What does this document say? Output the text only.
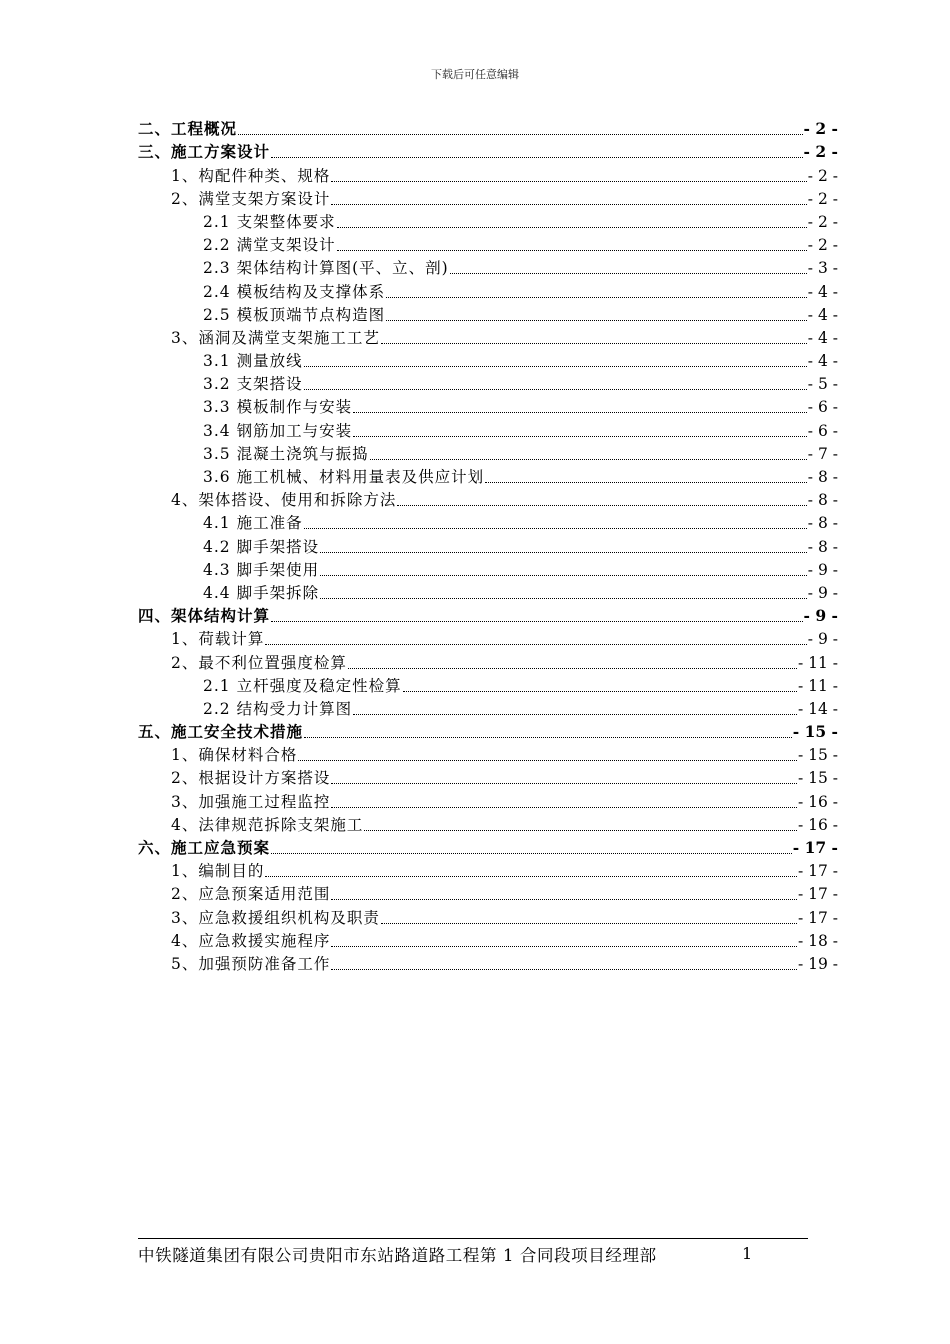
下载后可任意编辑
二、工程概况	- 2 -
三、施工方案设计	- 2 -
1、构配件种类、规格	- 2 -
2、满堂支架方案设计	- 2 -
2.1 支架整体要求	- 2 -
2.2 满堂支架设计	- 2 -
2.3 架体结构计算图(平、立、剖)	- 3 -
2.4 模板结构及支撑体系	- 4 -
2.5 模板顶端节点构造图	- 4 -
3、涵洞及满堂支架施工工艺	- 4 -
3.1 测量放线	- 4 -
3.2 支架搭设	- 5 -
3.3 模板制作与安装	- 6 -
3.4 钢筋加工与安装	- 6 -
3.5 混凝土浇筑与振捣	- 7 -
3.6 施工机械、材料用量表及供应计划	- 8 -
4、架体搭设、使用和拆除方法	- 8 -
4.1 施工准备	- 8 -
4.2 脚手架搭设	- 8 -
4.3 脚手架使用	- 9 -
4.4 脚手架拆除	- 9 -
四、架体结构计算	- 9 -
1、荷载计算	- 9 -
2、最不利位置强度检算	- 11 -
2.1 立杆强度及稳定性检算	- 11 -
2.2 结构受力计算图	- 14 -
五、施工安全技术措施	- 15 -
1、确保材料合格	- 15 -
2、根据设计方案搭设	- 15 -
3、加强施工过程监控	- 16 -
4、法律规范拆除支架施工	- 16 -
六、施工应急预案	- 17 -
1、编制目的	- 17 -
2、应急预案适用范围	- 17 -
3、应急救援组织机构及职责	- 17 -
4、应急救援实施程序	- 18 -
5、加强预防准备工作	- 19 -
中铁隧道集团有限公司贵阳市东站路道路工程第 1 合同段项目经理部	1
